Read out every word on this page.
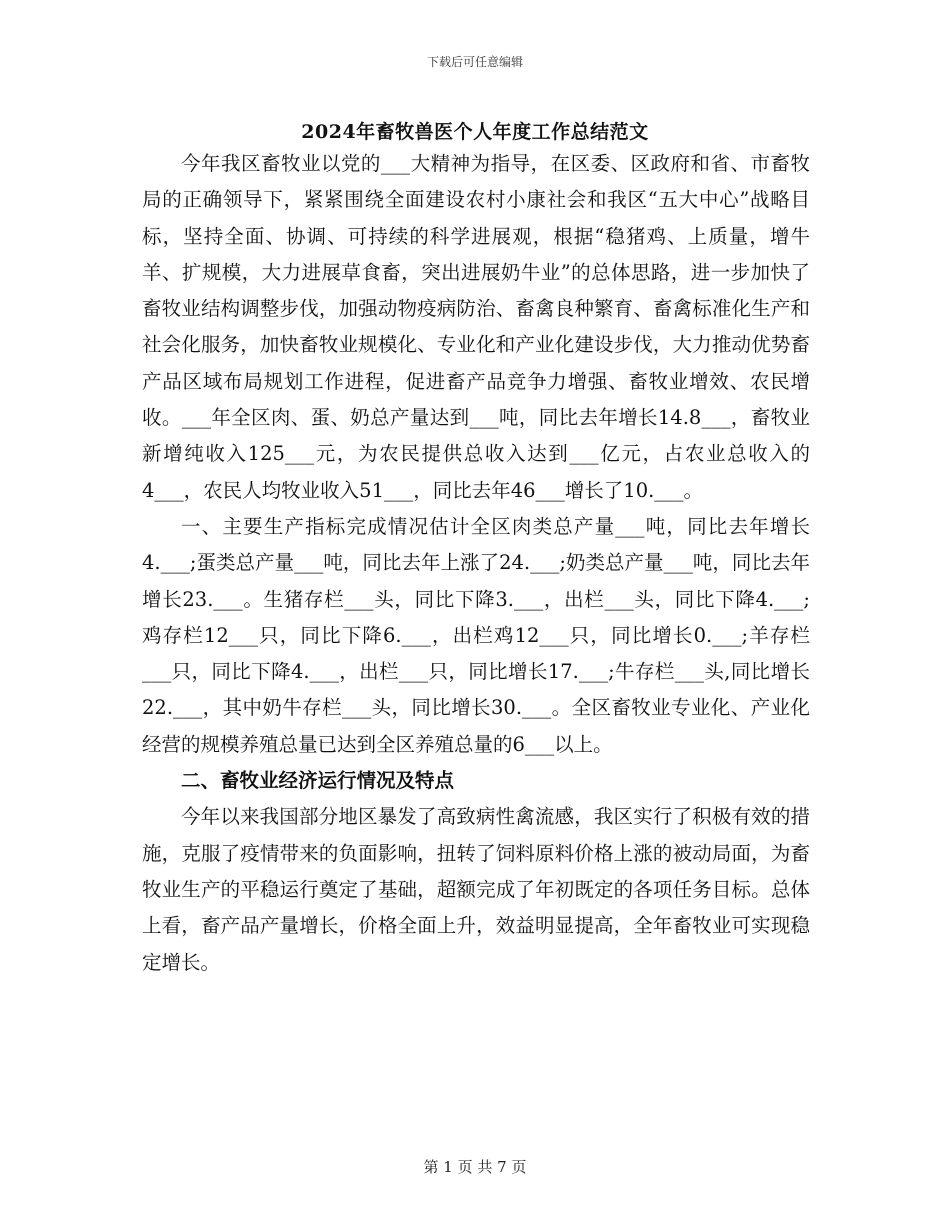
下载后可任意编辑
2024年畜牧兽医个人年度工作总结范文

今年我区畜牧业以党的___大精神为指导，在区委、区政府和省、市畜牧局的正确领导下，紧紧围绕全面建设农村小康社会和我区“五大中心”战略目标，坚持全面、协调、可持续的科学进展观，根据“稳猪鸡、上质量，增牛羊、扩规模，大力进展草食畜，突出进展奶牛业”的总体思路，进一步加快了畜牧业结构调整步伐，加强动物疫病防治、畜禽良种繁育、畜禽标准化生产和社会化服务，加快畜牧业规模化、专业化和产业化建设步伐，大力推动优势畜产品区域布局规划工作进程，促进畜产品竞争力增强、畜牧业增效、农民增收。___年全区肉、蛋、奶总产量达到___吨，同比去年增长14.8___，畜牧业新增纯收入125___元，为农民提供总收入达到___亿元，占农业总收入的4___，农民人均牧业收入51___，同比去年46___增长了10.___。

一、主要生产指标完成情况估计全区肉类总产量___吨，同比去年增长4.___;蛋类总产量___吨，同比去年上涨了24.___;奶类总产量___吨，同比去年增长23.___。生猪存栏___头，同比下降3.___，出栏___头，同比下降4.___;鸡存栏12___只，同比下降6.___，出栏鸡12___只，同比增长0.___;羊存栏___只，同比下降4.___，出栏___只，同比增长17.___;牛存栏___头,同比增长22.___，其中奶牛存栏___头，同比增长30.___。全区畜牧业专业化、产业化经营的规模养殖总量已达到全区养殖总量的6___以上。

二、畜牧业经济运行情况及特点

今年以来我国部分地区暴发了高致病性禽流感，我区实行了积极有效的措施，克服了疫情带来的负面影响，扭转了饲料原料价格上涨的被动局面，为畜牧业生产的平稳运行奠定了基础，超额完成了年初既定的各项任务目标。总体上看，畜产品产量增长，价格全面上升，效益明显提高，全年畜牧业可实现稳定增长。

第 1 页 共 7 页
